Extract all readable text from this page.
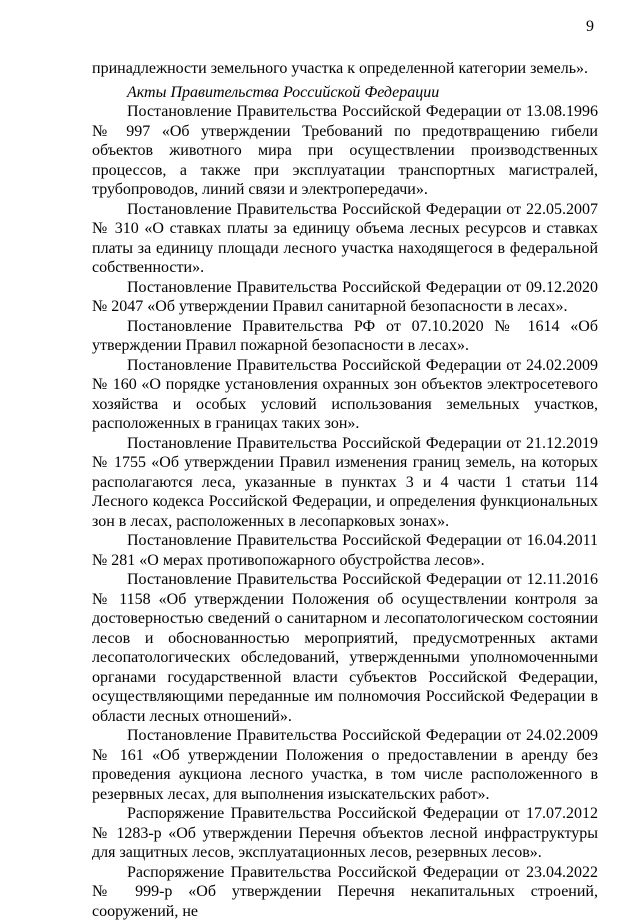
9

принадлежности земельного участка к определенной категории земель».

Акты Правительства Российской Федерации

Постановление Правительства Российской Федерации от 13.08.1996 № 997 «Об утверждении Требований по предотвращению гибели объектов животного мира при осуществлении производственных процессов, а также при эксплуатации транспортных магистралей, трубопроводов, линий связи и электропередачи».

Постановление Правительства Российской Федерации от 22.05.2007 № 310 «О ставках платы за единицу объема лесных ресурсов и ставках платы за единицу площади лесного участка находящегося в федеральной собственности».

Постановление Правительства Российской Федерации от 09.12.2020 № 2047 «Об утверждении Правил санитарной безопасности в лесах».

Постановление Правительства РФ от 07.10.2020 № 1614 «Об утверждении Правил пожарной безопасности в лесах».

Постановление Правительства Российской Федерации от 24.02.2009 № 160 «О порядке установления охранных зон объектов электросетевого хозяйства и особых условий использования земельных участков, расположенных в границах таких зон».

Постановление Правительства Российской Федерации от 21.12.2019 № 1755 «Об утверждении Правил изменения границ земель, на которых располагаются леса, указанные в пунктах 3 и 4 части 1 статьи 114 Лесного кодекса Российской Федерации, и определения функциональных зон в лесах, расположенных в лесопарковых зонах».

Постановление Правительства Российской Федерации от 16.04.2011 № 281 «О мерах противопожарного обустройства лесов».

Постановление Правительства Российской Федерации от 12.11.2016 № 1158 «Об утверждении Положения об осуществлении контроля за достоверностью сведений о санитарном и лесопатологическом состоянии лесов и обоснованностью мероприятий, предусмотренных актами лесопатологических обследований, утвержденными уполномоченными органами государственной власти субъектов Российской Федерации, осуществляющими переданные им полномочия Российской Федерации в области лесных отношений».

Постановление Правительства Российской Федерации от 24.02.2009 № 161 «Об утверждении Положения о предоставлении в аренду без проведения аукциона лесного участка, в том числе расположенного в резервных лесах, для выполнения изыскательских работ».

Распоряжение Правительства Российской Федерации от 17.07.2012 № 1283-р «Об утверждении Перечня объектов лесной инфраструктуры для защитных лесов, эксплуатационных лесов, резервных лесов».

Распоряжение Правительства Российской Федерации от 23.04.2022 № 999-р «Об утверждении Перечня некапитальных строений, сооружений, не
